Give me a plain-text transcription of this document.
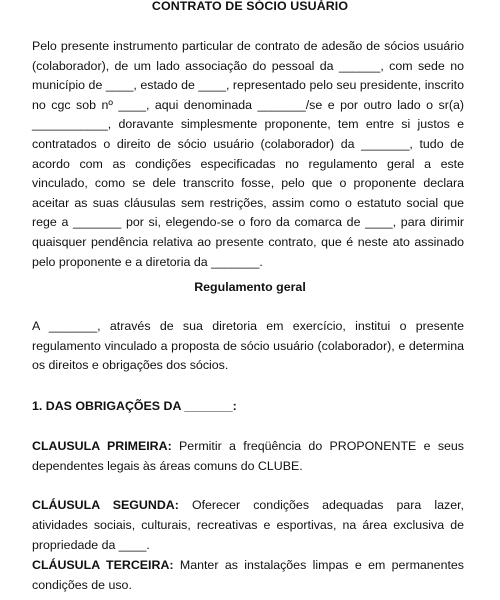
CONTRATO DE SÓCIO USUÁRIO

Pelo presente instrumento particular de contrato de adesão de sócios usuário (colaborador), de um lado associação do pessoal da ______, com sede no município de ____, estado de ____, representado pelo seu presidente, inscrito no cgc sob nº ____, aqui denominada _______/se e por outro lado o sr(a) ___________, doravante simplesmente proponente, tem entre si justos e contratados o direito de sócio usuário (colaborador) da _______, tudo de acordo com as condições especificadas no regulamento geral a este vinculado, como se dele transcrito fosse, pelo que o proponente declara aceitar as suas cláusulas sem restrições, assim como o estatuto social que rege a _______ por si, elegendo-se o foro da comarca de ____, para dirimir quaisquer pendência relativa ao presente contrato, que é neste ato assinado pelo proponente e a diretoria da _______.

Regulamento geral

A _______, através de sua diretoria em exercício, institui o presente regulamento vinculado a proposta de sócio usuário (colaborador), e determina os direitos e obrigações dos sócios.

1. DAS OBRIGAÇÕES DA _______:

CLAUSULA PRIMEIRA: Permitir a freqüência do PROPONENTE e seus dependentes legais às áreas comuns do CLUBE.

CLÁUSULA SEGUNDA: Oferecer condições adequadas para lazer, atividades sociais, culturais, recreativas e esportivas, na área exclusiva de propriedade da ____.

CLÁUSULA TERCEIRA: Manter as instalações limpas e em permanentes condições de uso.
